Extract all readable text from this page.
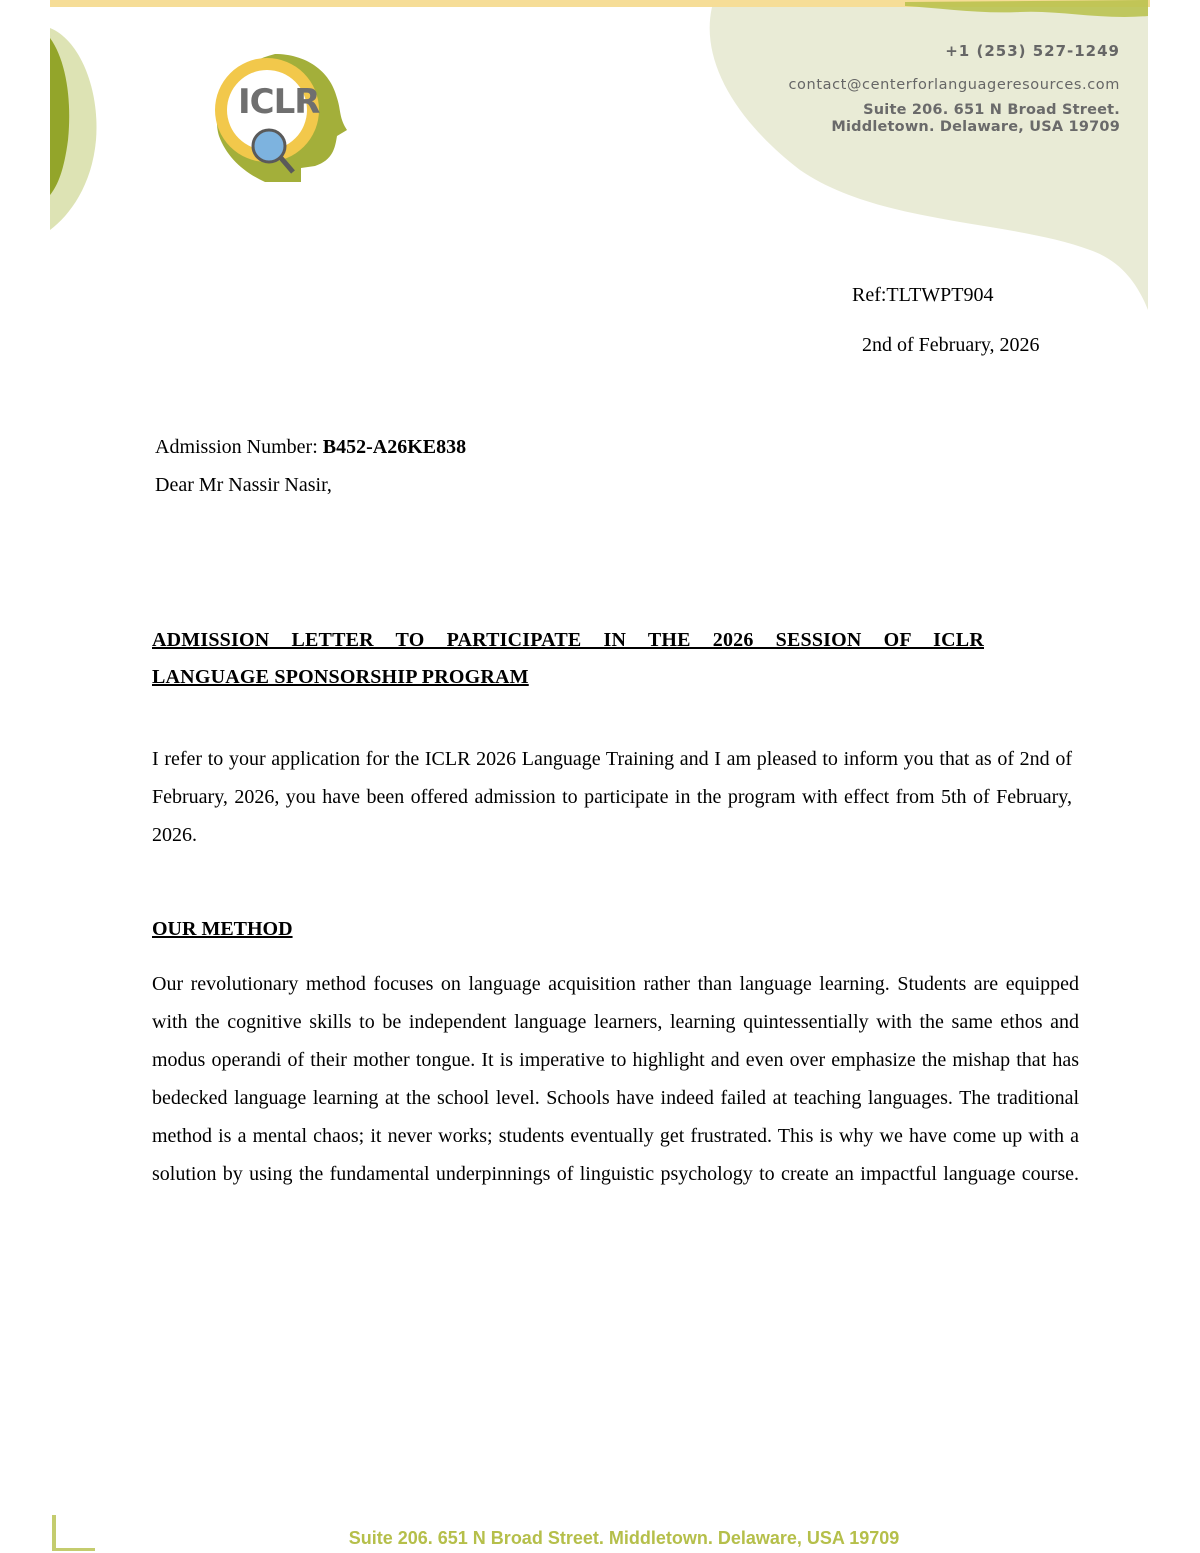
ICLR
+1 (253) 527-1249
contact@centerforlanguageresources.com
Suite 206. 651 N Broad Street.
Middletown. Delaware, USA 19709
Ref:TLTWPT904
2nd of February, 2026
Admission Number: B452-A26KE838
Dear Mr Nassir Nasir,
ADMISSION LETTER TO PARTICIPATE IN THE 2026 SESSION OF ICLR
LANGUAGE SPONSORSHIP PROGRAM
I refer to your application for the ICLR 2026 Language Training and I am pleased to inform you that as of 2nd of February, 2026, you have been offered admission to participate in the program with effect from 5th of February, 2026.
OUR METHOD
Our revolutionary method focuses on language acquisition rather than language learning. Students are equipped with the cognitive skills to be independent language learners, learning quintessentially with the same ethos and modus operandi of their mother tongue. It is imperative to highlight and even over emphasize the mishap that has bedecked language learning at the school level. Schools have indeed failed at teaching languages. The traditional method is a mental chaos; it never works; students eventually get frustrated. This is why we have come up with a solution by using the fundamental underpinnings of linguistic psychology to create an impactful language course.
Suite 206. 651 N Broad Street. Middletown. Delaware, USA 19709
